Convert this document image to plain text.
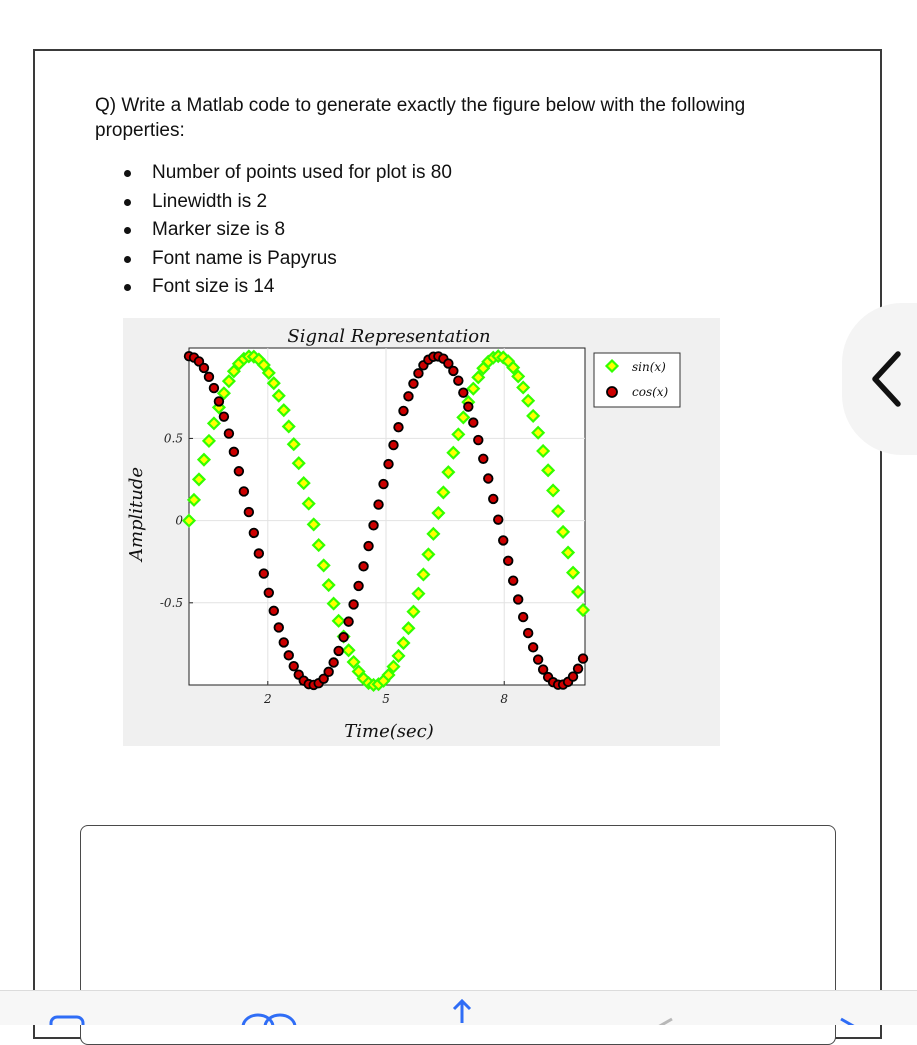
Q) Write a Matlab code to generate exactly the figure below with the following properties:
Number of points used for plot is 80
Linewidth is 2
Marker size is 8
Font name is Papyrus
Font size is 14
Signal Representation
2	5	8
-0.5
0
0.5
Time(sec)
Amplitude
sin(x)
cos(x)
